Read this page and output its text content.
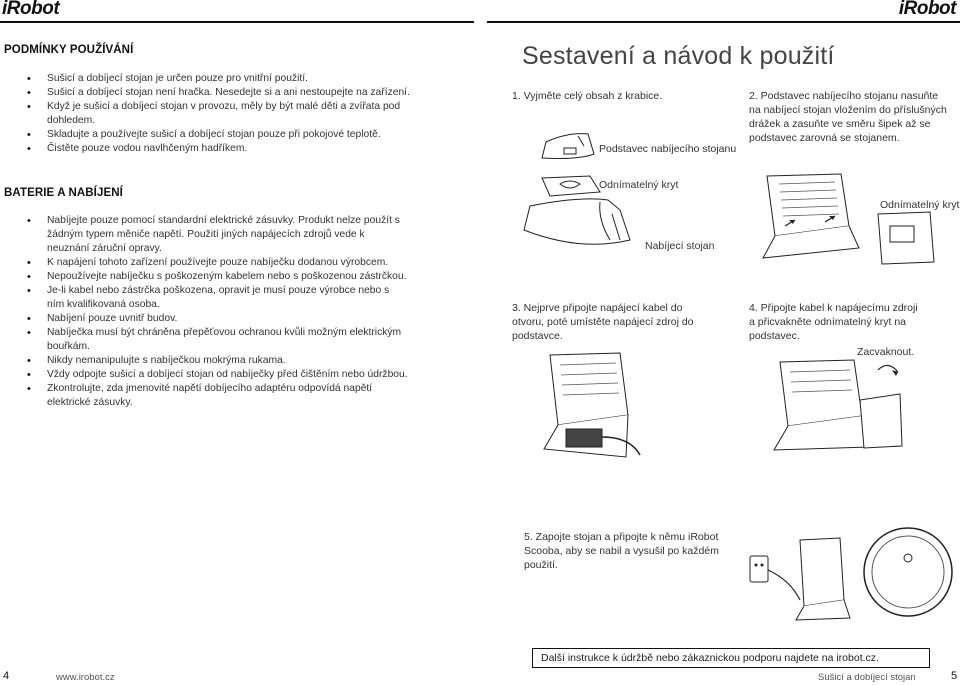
iRobot	iRobot
PODMÍNKY POUŽÍVÁNÍ
• Sušicí a dobíjecí stojan je určen pouze pro vnitřní použití.
• Sušicí a dobíjecí stojan není hračka. Nesedejte si a ani nestoupejte na zařízení.
• Když je sušicí a dobíjecí stojan v provozu, měly by být malé děti a zvířata pod dohledem.
• Skladujte a používejte sušicí a dobíjecí stojan pouze při pokojové teplotě.
• Čistěte pouze vodou navlhčeným hadříkem.
BATERIE A NABÍJENÍ
• Nabíjejte pouze pomocí standardní elektrické zásuvky. Produkt nelze použít s žádným typem měniče napětí. Použití jiných napájecích zdrojů vede k neuznání záruční opravy.
• K napájení tohoto zařízení používejte pouze nabíječku dodanou výrobcem.
• Nepoužívejte nabíječku s poškozeným kabelem nebo s poškozenou zástrčkou.
• Je-li kabel nebo zástrčka poškozena, opravit je musí pouze výrobce nebo s ním kvalifikovaná osoba.
• Nabíjení pouze uvnitř budov.
• Nabíječka musí být chráněna přepěťovou ochranou kvůli možným elektrickým bouřkám.
• Nikdy nemanipulujte s nabíječkou mokrýma rukama.
• Vždy odpojte sušicí a dobíjecí stojan od nabíječky před čištěním nebo údržbou.
• Zkontrolujte, zda jmenovité napětí dobíjecího adaptéru odpovídá napětí elektrické zásuvky.
Sestavení a návod k použití
1. Vyjměte celý obsah z krabice.	2. Podstavec nabíjecího stojanu nasuňte na nabíjecí stojan vložením do příslušných drážek a zasuňte ve směru šipek až se podstavec zarovná se stojanem.
Podstavec nabíjecího stojanu
Odnímatelný kryt
Nabíjecí stojan
Odnímatelný kryt
3. Nejprve připojte napájecí kabel do otvoru, poté umístěte napájecí zdroj do podstavce.
4. Připojte kabel k napájecímu zdroji a přicvakněte odnímatelný kryt na podstavec.
Zacvaknout.
5. Zapojte stojan a připojte k němu iRobot Scooba, aby se nabil a vysušil po každém použití.
Další instrukce k údržbě nebo zákaznickou podporu najdete na irobot.cz.
4	www.irobot.cz	Sušicí a dobíjecí stojan	5
